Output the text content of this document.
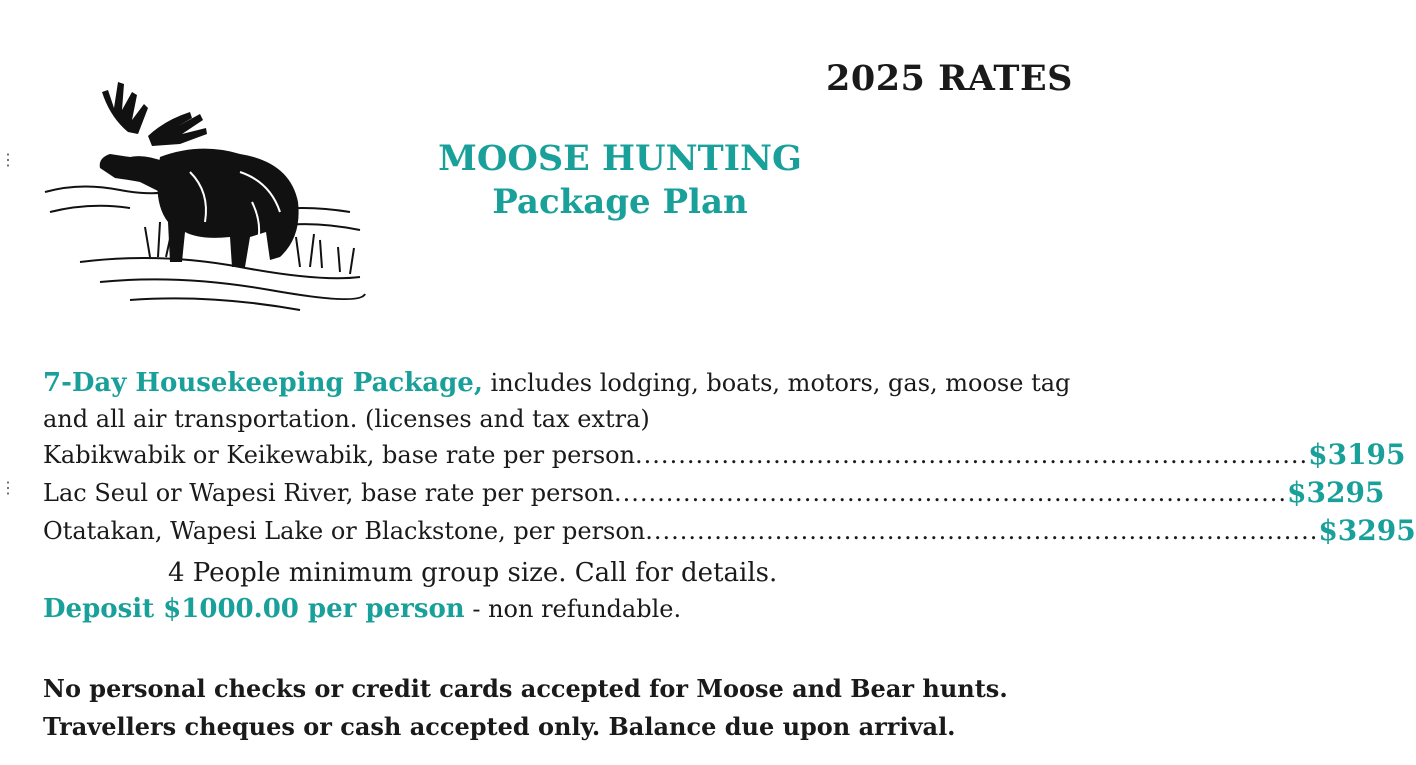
⋮
⋮
2025 RATES
MOOSE HUNTING
Package Plan
7-Day Housekeeping Package, includes lodging, boats, motors, gas, moose tag
and all air transportation. (licenses and tax extra)
Kabikwabik or Keikewabik, base rate per person .............................................................................. $3195
Lac Seul or Wapesi River, base rate per person .............................................................................. $3295
Otatakan, Wapesi Lake or Blackstone, per person .............................................................................. $3295
4 People minimum group size. Call for details.
Deposit $1000.00 per person - non refundable.
No personal checks or credit cards accepted for Moose and Bear hunts.
Travellers cheques or cash accepted only. Balance due upon arrival.
